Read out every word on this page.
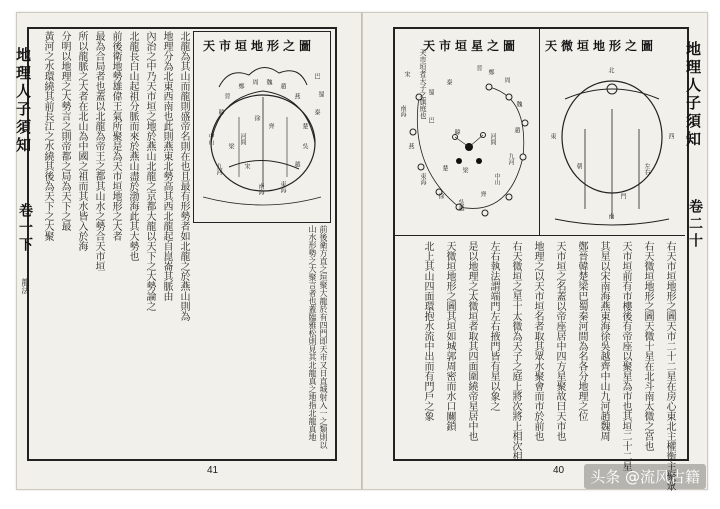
地理人子須知
卷一下
龍法
天市垣地形之圖
燕
趙
魏
周
鄭
晉
韓
楚
吳
越
徐
齊
河間
梁
東海
南海
巴
蜀
秦
中山
宋
九河
前後衛方直之垣聚大龍於有四門即天市又日直城射入一之類則以山水形勢之大聚言者也蓋臨雅松則見其北龍真之地指北龍真地
北龍為其山而龍則盛帝名則在也且最有形勢者如北龍之於燕山則為
地理分為北東西南也此則燕東北勢高其西北龍起自崑崙其脈由
內治之中乃天市垣之地於燕山北龍之京都大龍以天下之大勢論之
北龍長白山起祖分脈而來於燕山盡於渤海此其大勢也
前後衛地勢雄偉王氣所聚是為天市垣地形之大者
最為合局者也蓋以北龍為帝王之都其山水之勢合天市垣
所以龍脈之大者在北山為中國之祖而其水皆入於海
分明以地理之大勢言之則帝都之局為天下之最
黃河之水環繞其前長江之水繞其後為天下之大聚
41
地理人子須知
卷二十
天微垣地形之圖
天市垣星之圖
北
南
東	西
左右
朝
門
宋
南海
燕
東海
徐
吳越
齊
中山
九河
趙
魏
周
鄭
晉
韓
楚 梁
巴
蜀
秦
河間
天市垣者天子之旗庭也
右天市垣地形之圖天市二十二星在房心東北主權衡主聚眾
右天微垣地形之圖天微十星在北斗南太微之宮也
天市垣前有市樓後有帝座以聚星為市也其垣二十二星
其星以宋南海燕東海徐吳越齊中山九河趙魏周
鄭晉韓楚梁巴蜀秦河間為名各分地理之位
天市垣之名蓋以帝座居中四方星聚故曰天市也
地理之以天市垣名者取其眾水聚會而市於前也
右天微垣之星十太微為天子之庭上將次將上相次相
左右執法謂端門左右掖門皆有星以象之
是以地理之太微垣者取其四面圍繞帝星居中也
天微垣地形之圖其垣如城郭周密而水口關鎖
北上其山四面環抱水流中出而有門戶之象
40	头条 @流风古籍
